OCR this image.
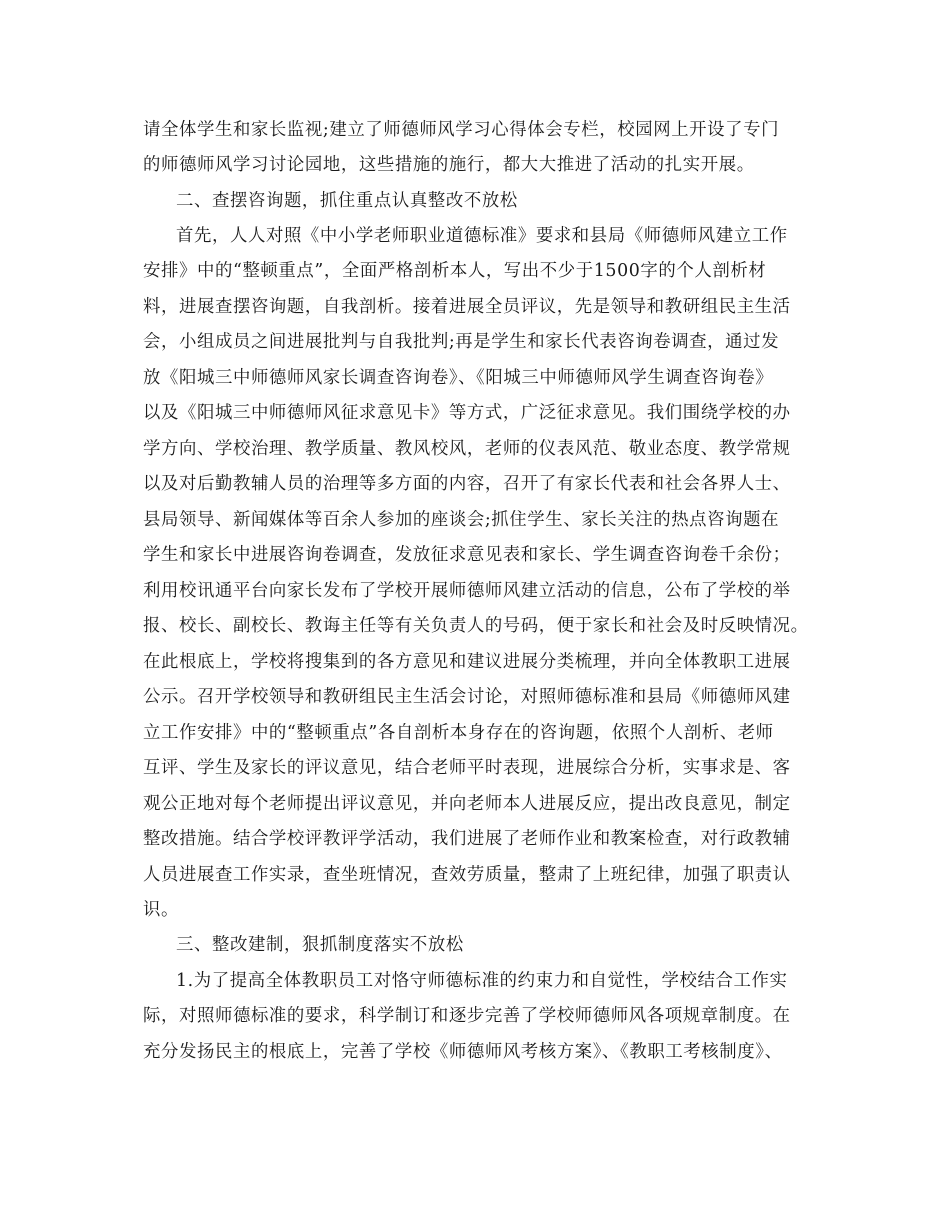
请全体学生和家长监视;建立了师德师风学习心得体会专栏，校园网上开设了专门
的师德师风学习讨论园地，这些措施的施行，都大大推进了活动的扎实开展。
二、查摆咨询题，抓住重点认真整改不放松
首先，人人对照《中小学老师职业道德标准》要求和县局《师德师风建立工作
安排》中的“整顿重点”，全面严格剖析本人，写出不少于1500字的个人剖析材
料，进展查摆咨询题，自我剖析。接着进展全员评议，先是领导和教研组民主生活
会，小组成员之间进展批判与自我批判;再是学生和家长代表咨询卷调查，通过发
放《阳城三中师德师风家长调查咨询卷》、《阳城三中师德师风学生调查咨询卷》
以及《阳城三中师德师风征求意见卡》等方式，广泛征求意见。我们围绕学校的办
学方向、学校治理、教学质量、教风校风，老师的仪表风范、敬业态度、教学常规
以及对后勤教辅人员的治理等多方面的内容，召开了有家长代表和社会各界人士、
县局领导、新闻媒体等百余人参加的座谈会;抓住学生、家长关注的热点咨询题在
学生和家长中进展咨询卷调查，发放征求意见表和家长、学生调查咨询卷千余份；
利用校讯通平台向家长发布了学校开展师德师风建立活动的信息，公布了学校的举
报、校长、副校长、教诲主任等有关负责人的号码，便于家长和社会及时反映情况。
在此根底上，学校将搜集到的各方意见和建议进展分类梳理，并向全体教职工进展
公示。召开学校领导和教研组民主生活会讨论，对照师德标准和县局《师德师风建
立工作安排》中的“整顿重点”各自剖析本身存在的咨询题，依照个人剖析、老师
互评、学生及家长的评议意见，结合老师平时表现，进展综合分析，实事求是、客
观公正地对每个老师提出评议意见，并向老师本人进展反应，提出改良意见，制定
整改措施。结合学校评教评学活动，我们进展了老师作业和教案检查，对行政教辅
人员进展查工作实录，查坐班情况，查效劳质量，整肃了上班纪律，加强了职责认
识。
三、整改建制，狠抓制度落实不放松
1.为了提高全体教职员工对恪守师德标准的约束力和自觉性，学校结合工作实
际，对照师德标准的要求，科学制订和逐步完善了学校师德师风各项规章制度。在
充分发扬民主的根底上，完善了学校《师德师风考核方案》、《教职工考核制度》、
